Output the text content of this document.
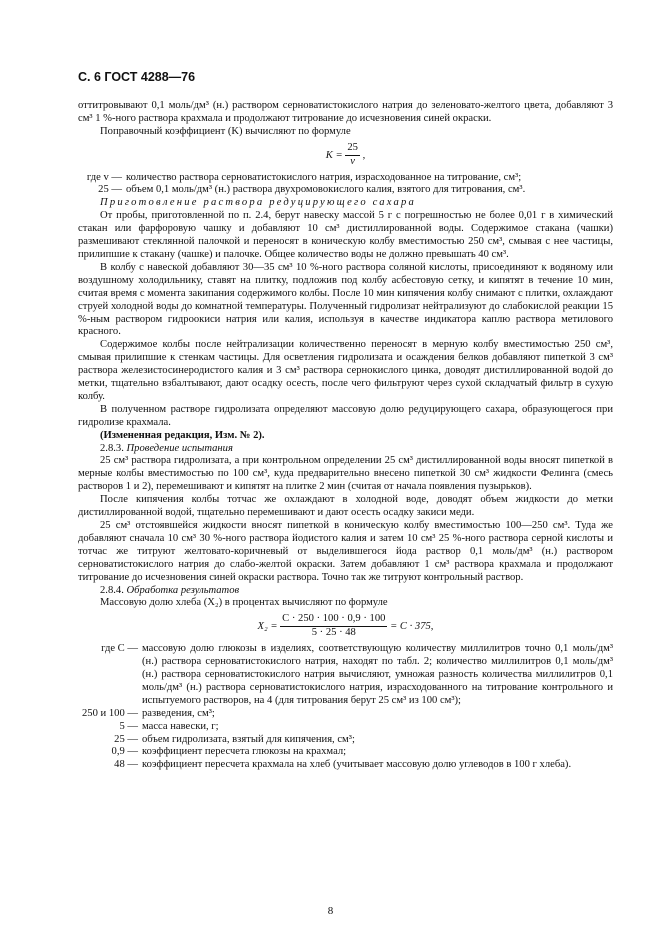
С. 6 ГОСТ 4288—76

оттитровывают 0,1 моль/дм³ (н.) раствором серноватистокислого натрия до зеленовато-желтого цвета, добавляют 3 см³ 1 %-ного раствора крахмала и продолжают титрование до исчезновения синей окраски.

Поправочный коэффициент (K) вычисляют по формуле

$K = \frac{25}{v}$ ,
где v — количество раствора серноватистокислого натрия, израсходованное на титрование, см³;
25 — объем 0,1 моль/дм³ (н.) раствора двухромовокислого калия, взятого для титрования, см³.

Приготовление раствора редуцирующего сахара

От пробы, приготовленной по п. 2.4, берут навеску массой 5 г с погрешностью не более 0,01 г в химический стакан или фарфоровую чашку и добавляют 10 см³ дистиллированной воды. Содержимое стакана (чашки) размешивают стеклянной палочкой и переносят в коническую колбу вместимостью 250 см³, смывая с нее частицы, прилипшие к стакану (чашке) и палочке. Общее количество воды не должно превышать 40 см³.

В колбу с навеской добавляют 30—35 см³ 10 %-ного раствора соляной кислоты, присоединяют к водяному или воздушному холодильнику, ставят на плитку, подложив под колбу асбестовую сетку, и кипятят в течение 10 мин, считая время с момента закипания содержимого колбы. После 10 мин кипячения колбу снимают с плитки, охлаждают струей холодной воды до комнатной температуры. Полученный гидролизат нейтрализуют до слабокислой реакции 15 %-ным раствором гидроокиси натрия или калия, используя в качестве индикатора каплю раствора метилового красного.

Содержимое колбы после нейтрализации количественно переносят в мерную колбу вместимостью 250 см³, смывая прилипшие к стенкам частицы. Для осветления гидролизата и осаждения белков добавляют пипеткой 3 см³ раствора железистосинеродистого калия и 3 см³ раствора сернокислого цинка, доводят дистиллированной водой до метки, тщательно взбалтывают, дают осадку осесть, после чего фильтруют через сухой складчатый фильтр в сухую колбу.

В полученном растворе гидролизата определяют массовую долю редуцирующего сахара, образующегося при гидролизе крахмала.

(Измененная редакция, Изм. № 2).

2.8.3. Проведение испытания

25 см³ раствора гидролизата, а при контрольном определении 25 см³ дистиллированной воды вносят пипеткой в мерные колбы вместимостью по 100 см³, куда предварительно внесено пипеткой 30 см³ жидкости Фелинга (смесь растворов 1 и 2), перемешивают и кипятят на плитке 2 мин (считая от начала появления пузырьков).

После кипячения колбы тотчас же охлаждают в холодной воде, доводят объем жидкости до метки дистиллированной водой, тщательно перемешивают и дают осесть осадку закиси меди.

25 см³ отстоявшейся жидкости вносят пипеткой в коническую колбу вместимостью 100—250 см³. Туда же добавляют сначала 10 см³ 30 %-ного раствора йодистого калия и затем 10 см³ 25 %-ного раствора серной кислоты и тотчас же титруют желтовато-коричневый от выделившегося йода раствор 0,1 моль/дм³ (н.) раствором серноватистокислого натрия до слабо-желтой окраски. Затем добавляют 1 см³ раствора крахмала и продолжают титрование до исчезновения синей окраски раствора. Точно так же титруют контрольный раствор.

2.8.4. Обработка результатов

Массовую долю хлеба (X₂) в процентах вычисляют по формуле

$X_2 = \frac{C \cdot 250 \cdot 100 \cdot 0,9 \cdot 100}{5 \cdot 25 \cdot 48} = C \cdot 375$,
где C — массовую долю глюкозы в изделиях, соответствующую количеству миллилитров точно 0,1 моль/дм³ (н.) раствора серноватистокислого натрия, находят по табл. 2; количество миллилитров 0,1 моль/дм³ (н.) раствора серноватистокислого натрия вычисляют, умножая разность количества миллилитров 0,1 моль/дм³ (н.) раствора серноватистокислого натрия, израсходованного на титрование контрольного и испытуемого растворов, на 4 (для титрования берут 25 см³ из 100 см³);
250 и 100 — разведения, см³;
5 — масса навески, г;
25 — объем гидролизата, взятый для кипячения, см³;
0,9 — коэффициент пересчета глюкозы на крахмал;
48 — коэффициент пересчета крахмала на хлеб (учитывает массовую долю углеводов в 100 г хлеба).
8
